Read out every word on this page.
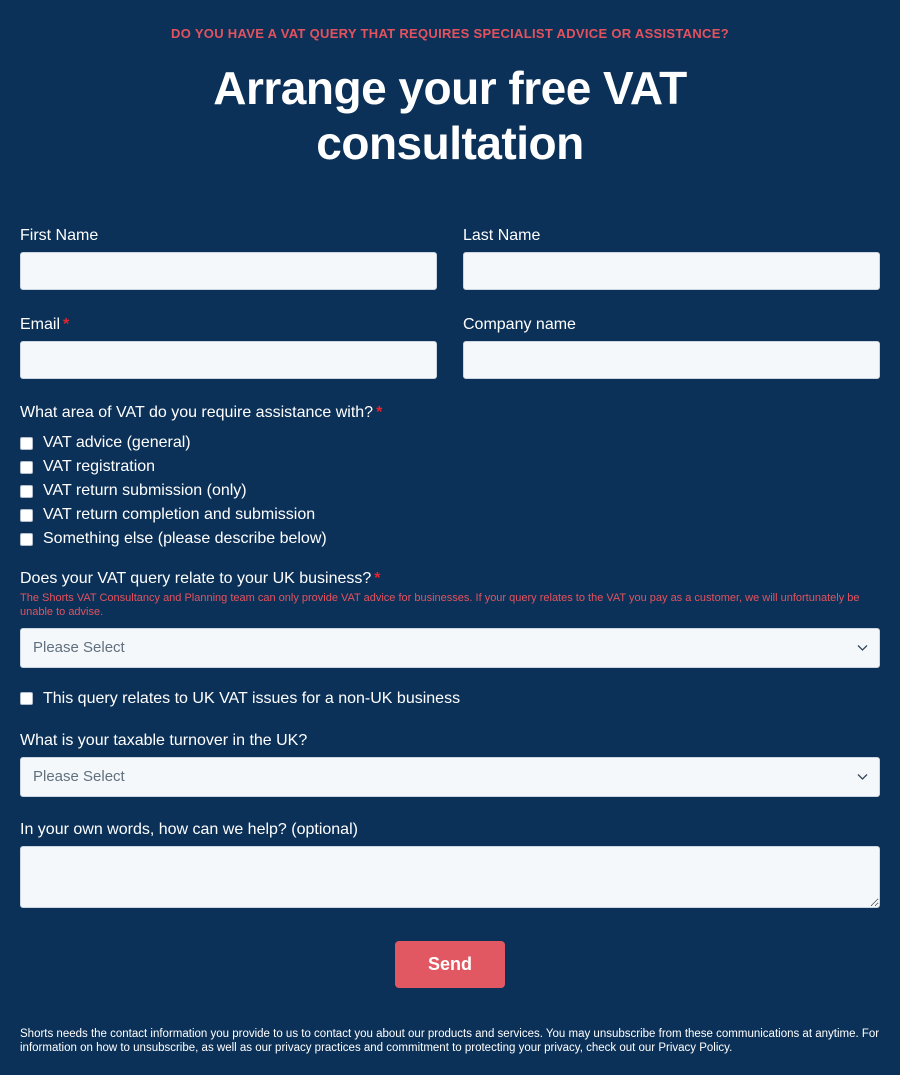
DO YOU HAVE A VAT QUERY THAT REQUIRES SPECIALIST ADVICE OR ASSISTANCE?
Arrange your free VAT consultation
First Name	Last Name
Email *	Company name
What area of VAT do you require assistance with? *
VAT advice (general)
VAT registration
VAT return submission (only)
VAT return completion and submission
Something else (please describe below)
Does your VAT query relate to your UK business? *
The Shorts VAT Consultancy and Planning team can only provide VAT advice for businesses. If your query relates to the VAT you pay as a customer, we will unfortunately be unable to advise.
Please Select
This query relates to UK VAT issues for a non-UK business
What is your taxable turnover in the UK?
Please Select
In your own words, how can we help? (optional)
Send

Shorts needs the contact information you provide to us to contact you about our products and services. You may unsubscribe from these communications at anytime. For information on how to unsubscribe, as well as our privacy practices and commitment to protecting your privacy, check out our Privacy Policy.
